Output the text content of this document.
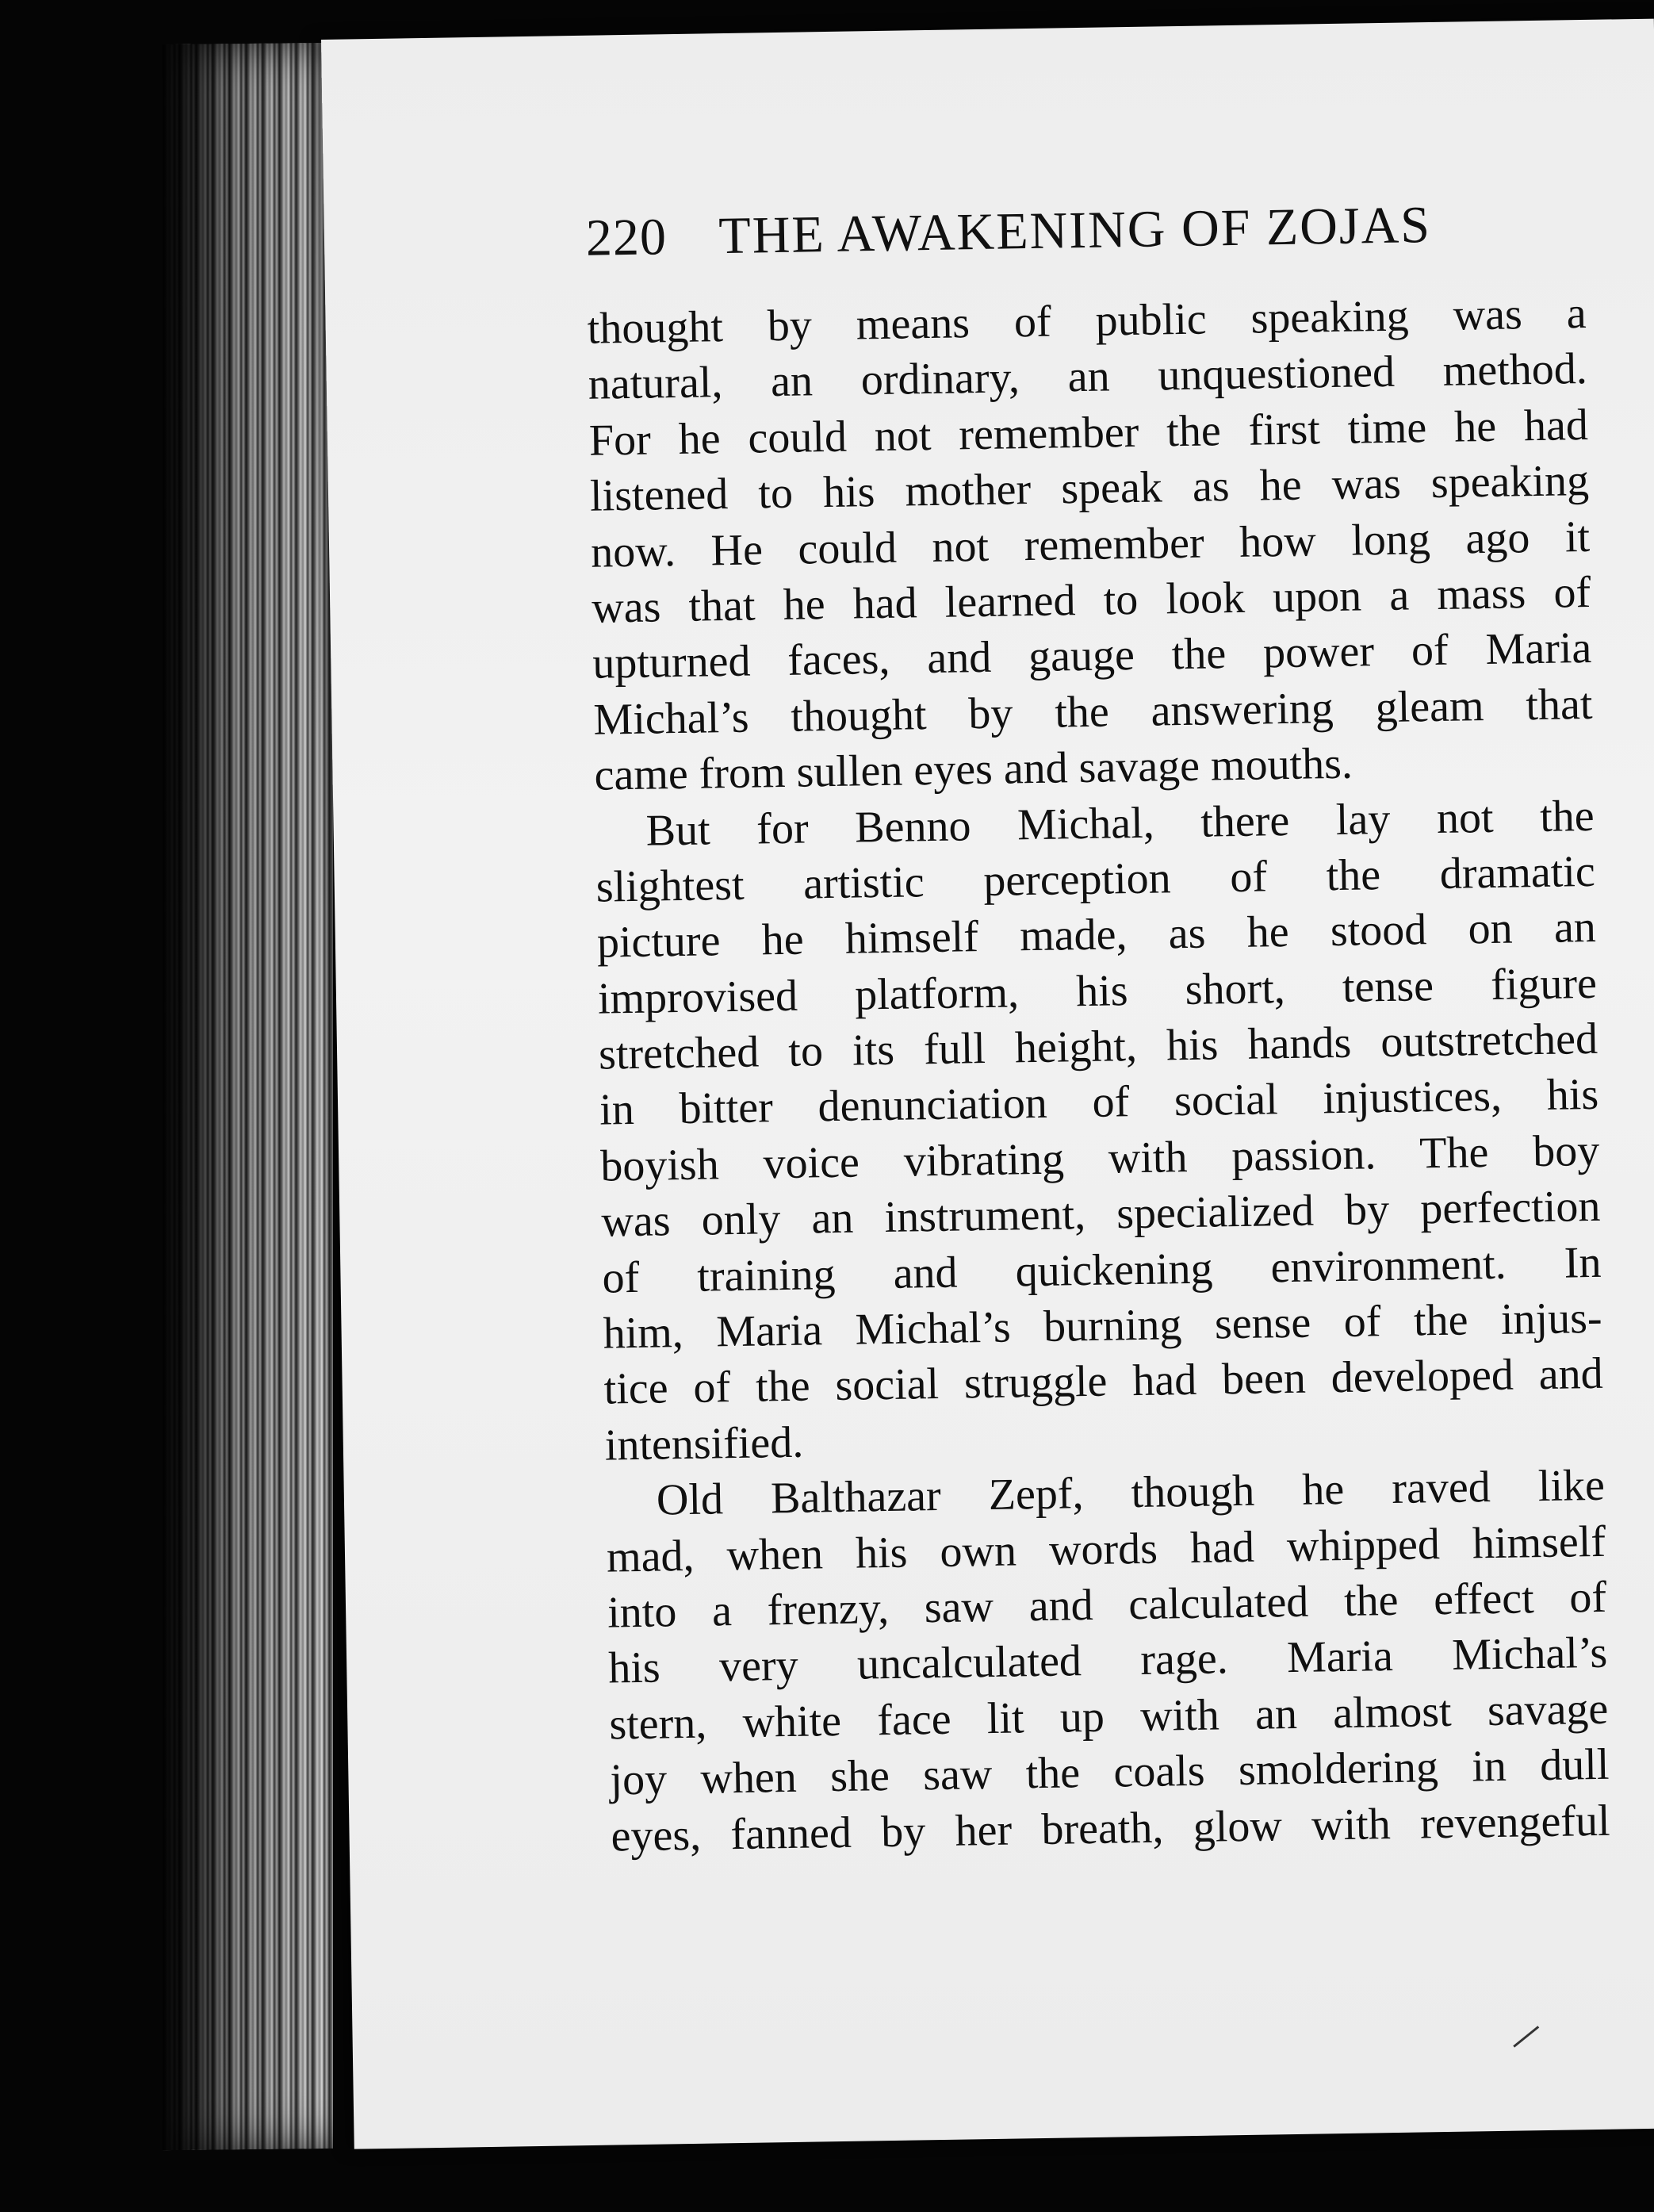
220 THE AWAKENING OF ZOJAS
thought by means of public speaking was a
natural, an ordinary, an unquestioned method.
For he could not remember the first time he had
listened to his mother speak as he was speaking
now. He could not remember how long ago it
was that he had learned to look upon a mass of
upturned faces, and gauge the power of Maria
Michal’s thought by the answering gleam that
came from sullen eyes and savage mouths.
But for Benno Michal, there lay not the
slightest artistic perception of the dramatic
picture he himself made, as he stood on an
improvised platform, his short, tense figure
stretched to its full height, his hands outstretched
in bitter denunciation of social injustices, his
boyish voice vibrating with passion. The boy
was only an instrument, specialized by perfection
of training and quickening environment. In
him, Maria Michal’s burning sense of the injus-
tice of the social struggle had been developed and
intensified.
Old Balthazar Zepf, though he raved like
mad, when his own words had whipped himself
into a frenzy, saw and calculated the effect of
his very uncalculated rage. Maria Michal’s
stern, white face lit up with an almost savage
joy when she saw the coals smoldering in dull
eyes, fanned by her breath, glow with revengeful
